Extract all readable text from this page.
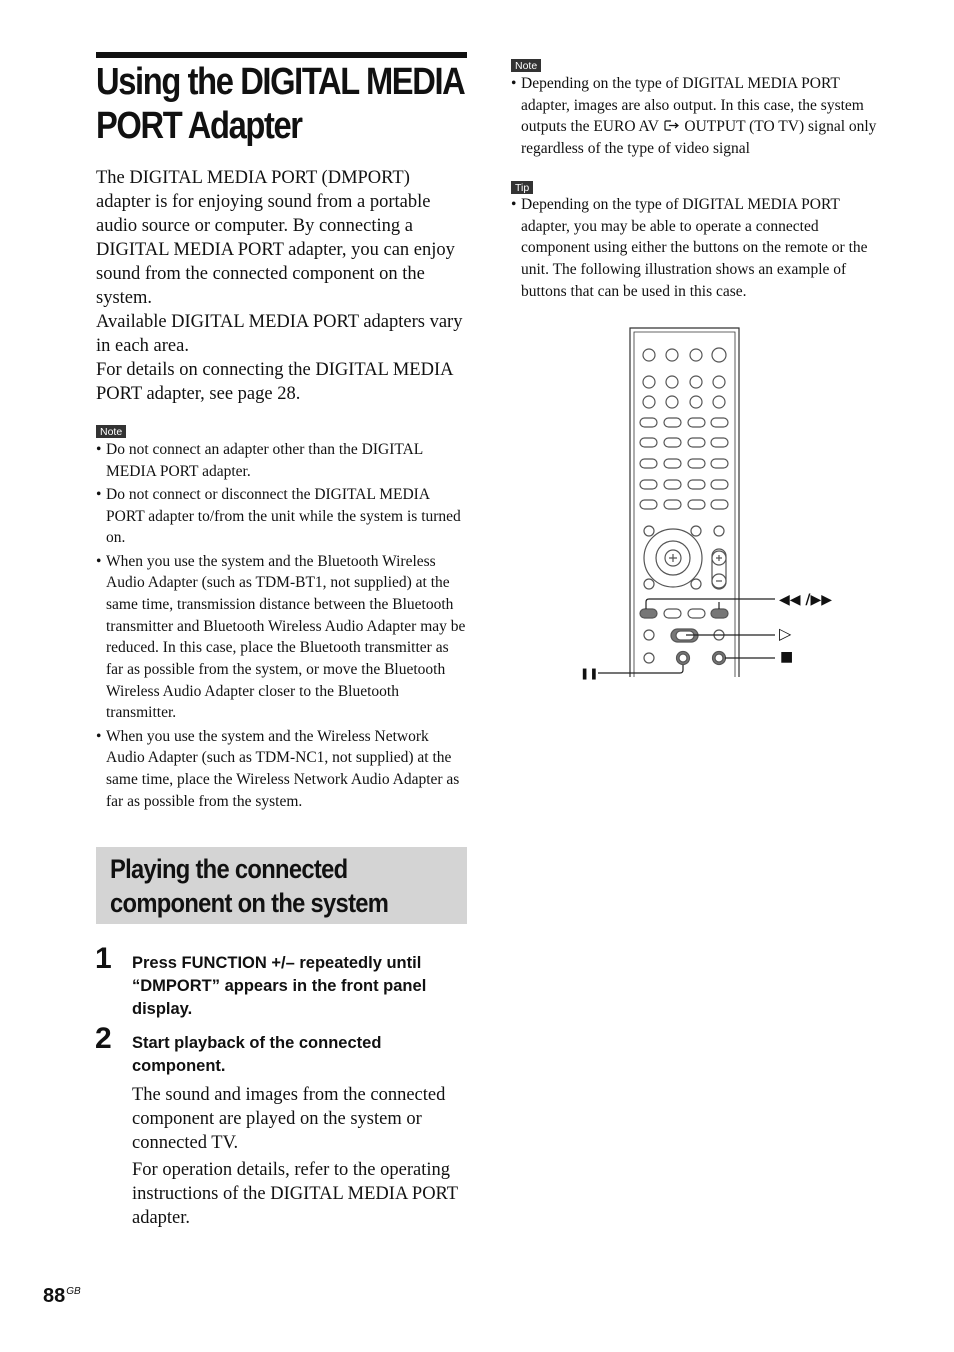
Using the DIGITAL MEDIA PORT Adapter

The DIGITAL MEDIA PORT (DMPORT) adapter is for enjoying sound from a portable audio source or computer. By connecting a DIGITAL MEDIA PORT adapter, you can enjoy sound from the connected component on the system.

Available DIGITAL MEDIA PORT adapters vary in each area.

For details on connecting the DIGITAL MEDIA PORT adapter, see page 28.

Note
• Do not connect an adapter other than the DIGITAL MEDIA PORT adapter.
• Do not connect or disconnect the DIGITAL MEDIA PORT adapter to/from the unit while the system is turned on.
• When you use the system and the Bluetooth Wireless Audio Adapter (such as TDM-BT1, not supplied) at the same time, transmission distance between the Bluetooth transmitter and Bluetooth Wireless Audio Adapter may be reduced. In this case, place the Bluetooth transmitter as far as possible from the system, or move the Bluetooth Wireless Audio Adapter closer to the Bluetooth transmitter.
• When you use the system and the Wireless Network Audio Adapter (such as TDM-NC1, not supplied) at the same time, place the Wireless Network Audio Adapter as far as possible from the system.
Playing the connected component on the system
1 Press FUNCTION +/– repeatedly until “DMPORT” appears in the front panel display.
2 Start playback of the connected component.

The sound and images from the connected component are played on the system or connected TV.

For operation details, refer to the operating instructions of the DIGITAL MEDIA PORT adapter.

$88^{GB}$
Note
• Depending on the type of DIGITAL MEDIA PORT adapter, images are also output. In this case, the system outputs the EURO AV  OUTPUT (TO TV) signal only regardless of the type of video signal
Tip
• Depending on the type of DIGITAL MEDIA PORT adapter, you may be able to operate a connected component using either the buttons on the remote or the unit. The following illustration shows an example of buttons that can be used in this case.
◀◀ /▶▶
▷
■
❚❚
